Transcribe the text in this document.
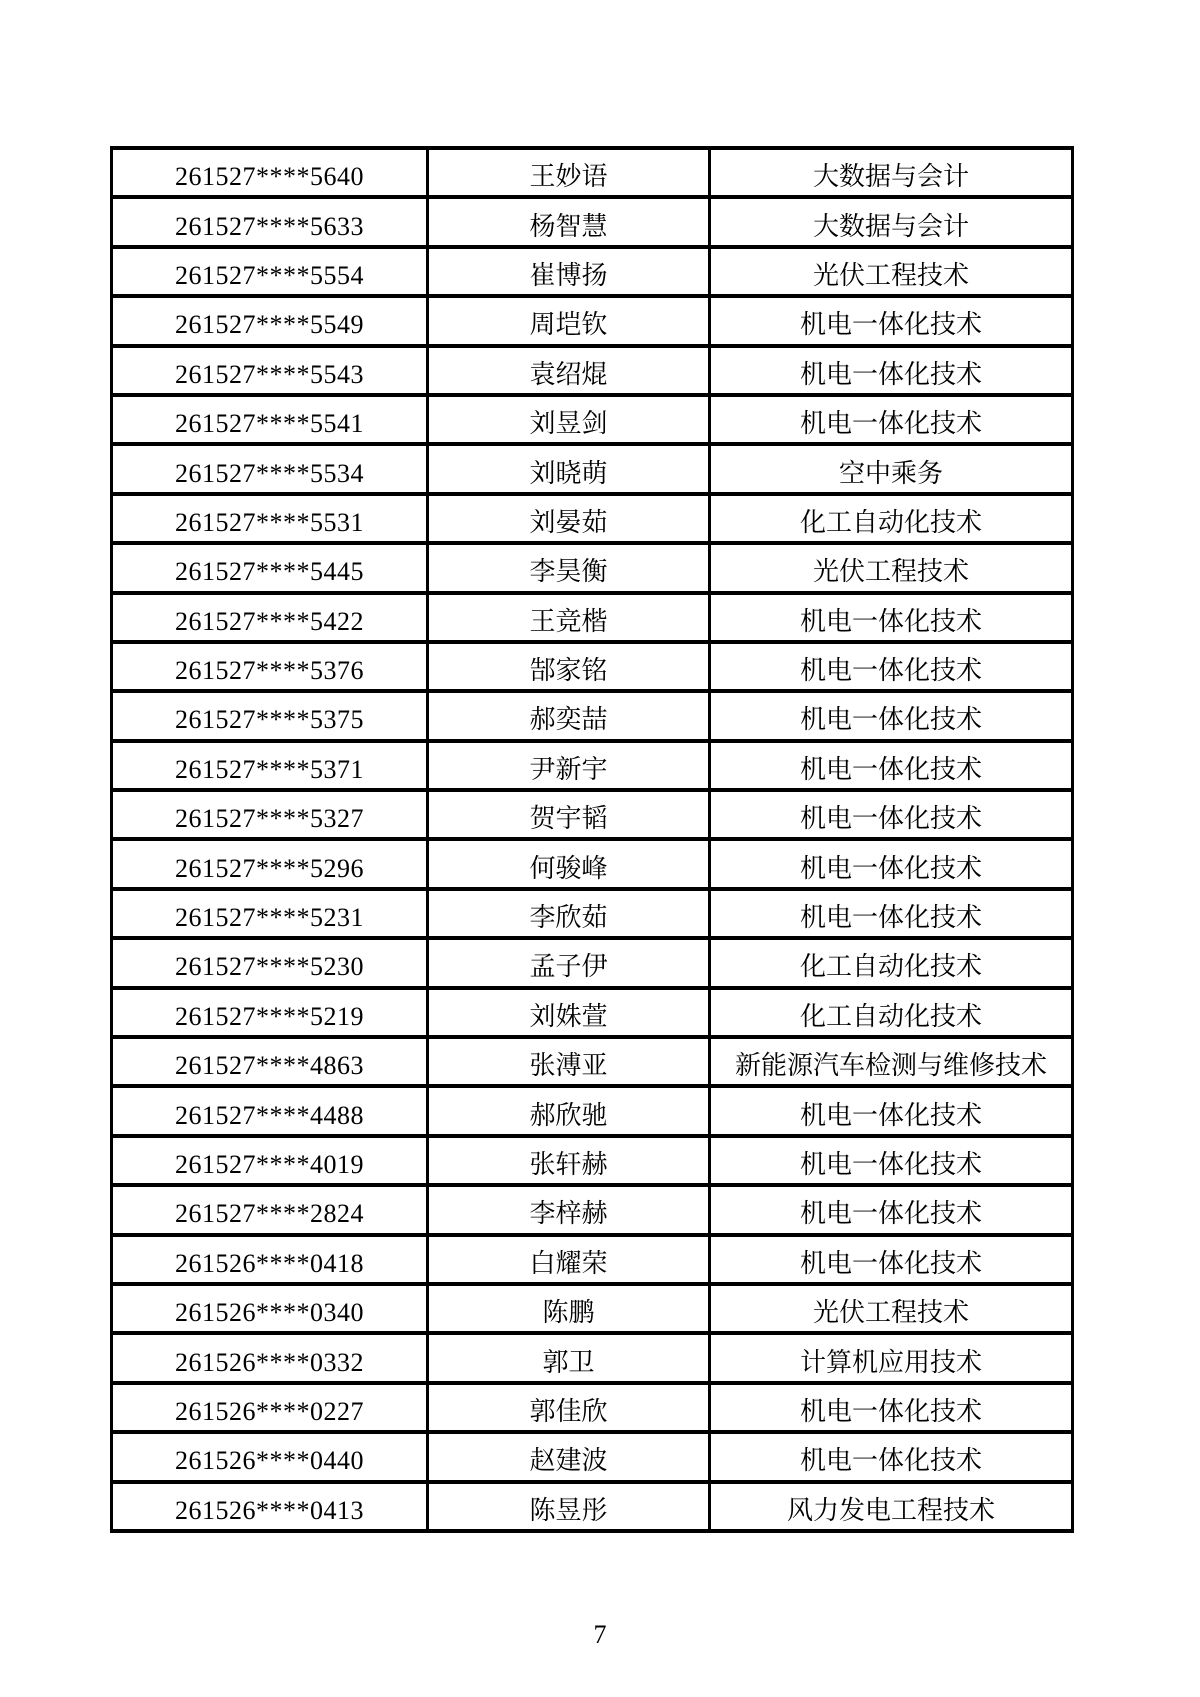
261527****5640	王妙语	大数据与会计
261527****5633	杨智慧	大数据与会计
261527****5554	崔博扬	光伏工程技术
261527****5549	周垲钦	机电一体化技术
261527****5543	袁绍焜	机电一体化技术
261527****5541	刘昱剑	机电一体化技术
261527****5534	刘晓萌	空中乘务
261527****5531	刘晏茹	化工自动化技术
261527****5445	李昊衡	光伏工程技术
261527****5422	王竞楷	机电一体化技术
261527****5376	郜家铭	机电一体化技术
261527****5375	郝奕喆	机电一体化技术
261527****5371	尹新宇	机电一体化技术
261527****5327	贺宇韬	机电一体化技术
261527****5296	何骏峰	机电一体化技术
261527****5231	李欣茹	机电一体化技术
261527****5230	孟子伊	化工自动化技术
261527****5219	刘姝萱	化工自动化技术
261527****4863	张溥亚	新能源汽车检测与维修技术
261527****4488	郝欣驰	机电一体化技术
261527****4019	张轩赫	机电一体化技术
261527****2824	李梓赫	机电一体化技术
261526****0418	白耀荣	机电一体化技术
261526****0340	陈鹏	光伏工程技术
261526****0332	郭卫	计算机应用技术
261526****0227	郭佳欣	机电一体化技术
261526****0440	赵建波	机电一体化技术
261526****0413	陈昱彤	风力发电工程技术
7
